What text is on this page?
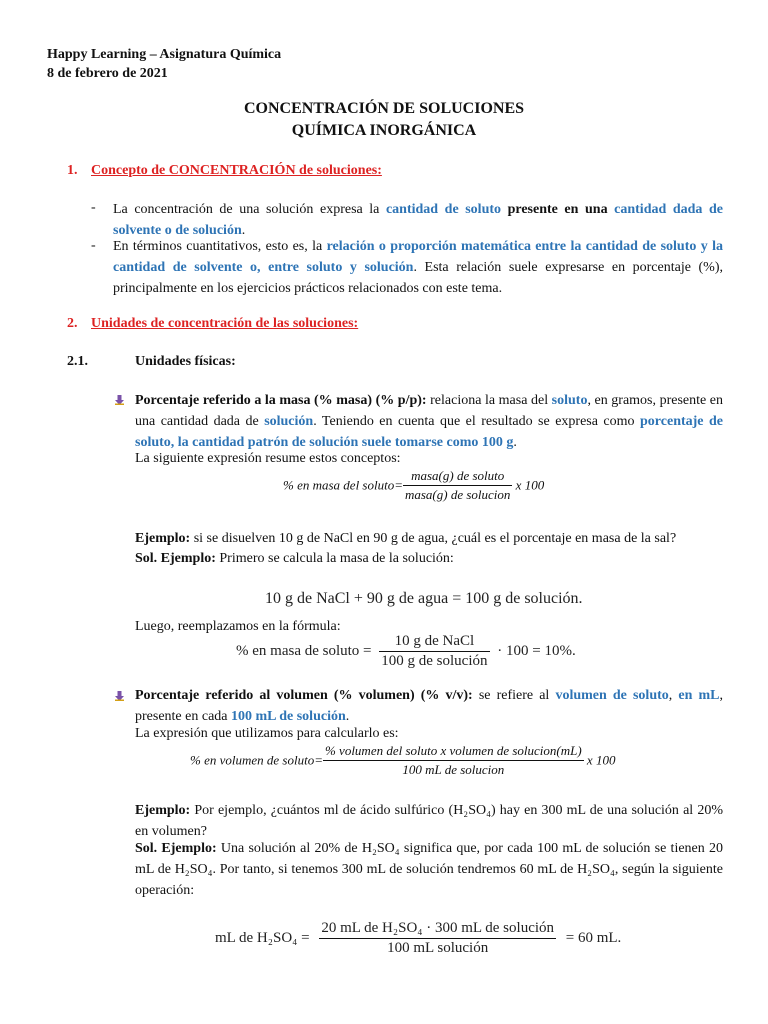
Happy Learning – Asignatura Química
8 de febrero de 2021
CONCENTRACIÓN DE SOLUCIONES
QUÍMICA INORGÁNICA
1. Concepto de CONCENTRACIÓN de soluciones:
- La concentración de una solución expresa la cantidad de soluto presente en una cantidad dada de solvente o de solución.
- En términos cuantitativos, esto es, la relación o proporción matemática entre la cantidad de soluto y la cantidad de solvente o, entre soluto y solución. Esta relación suele expresarse en porcentaje (%), principalmente en los ejercicios prácticos relacionados con este tema.
2. Unidades de concentración de las soluciones:
2.1.	Unidades físicas:
Porcentaje referido a la masa (% masa) (% p/p): relaciona la masa del soluto, en gramos, presente en una cantidad dada de solución. Teniendo en cuenta que el resultado se expresa como porcentaje de soluto, la cantidad patrón de solución suele tomarse como 100 g.
La siguiente expresión resume estos conceptos:
% en masa del soluto= $\frac{\text{masa(g) de soluto}}{\text{masa(g) de solucion}}$ x 100
Ejemplo: si se disuelven 10 g de NaCl en 90 g de agua, ¿cuál es el porcentaje en masa de la sal?
Sol. Ejemplo: Primero se calcula la masa de la solución:
10 g de NaCl + 90 g de agua = 100 g de solución.
Luego, reemplazamos en la fórmula:
% en masa de soluto = $\frac{\text{10 g de NaCl}}{\text{100 g de solución}} \cdot 100 = 10\%$.
Porcentaje referido al volumen (% volumen) (% v/v): se refiere al volumen de soluto, en mL, presente en cada 100 mL de solución.
La expresión que utilizamos para calcularlo es:
% en volumen de soluto= $\frac{\text{\% volumen del soluto x volumen de solucion(mL)}}{\text{100 mL de solucion}}$ x 100
Ejemplo: Por ejemplo, ¿cuántos ml de ácido sulfúrico (H₂SO₄) hay en 300 mL de una solución al 20% en volumen?
Sol. Ejemplo: Una solución al 20% de H₂SO₄ significa que, por cada 100 mL de solución se tienen 20 mL de H₂SO₄. Por tanto, si tenemos 300 mL de solución tendremos 60 mL de H₂SO₄, según la siguiente operación:
mL de $H_2SO_4 = \frac{\text{20 mL de H₂SO₄ · 300 mL de solución}}{\text{100 mL solución}} = 60$ mL.
